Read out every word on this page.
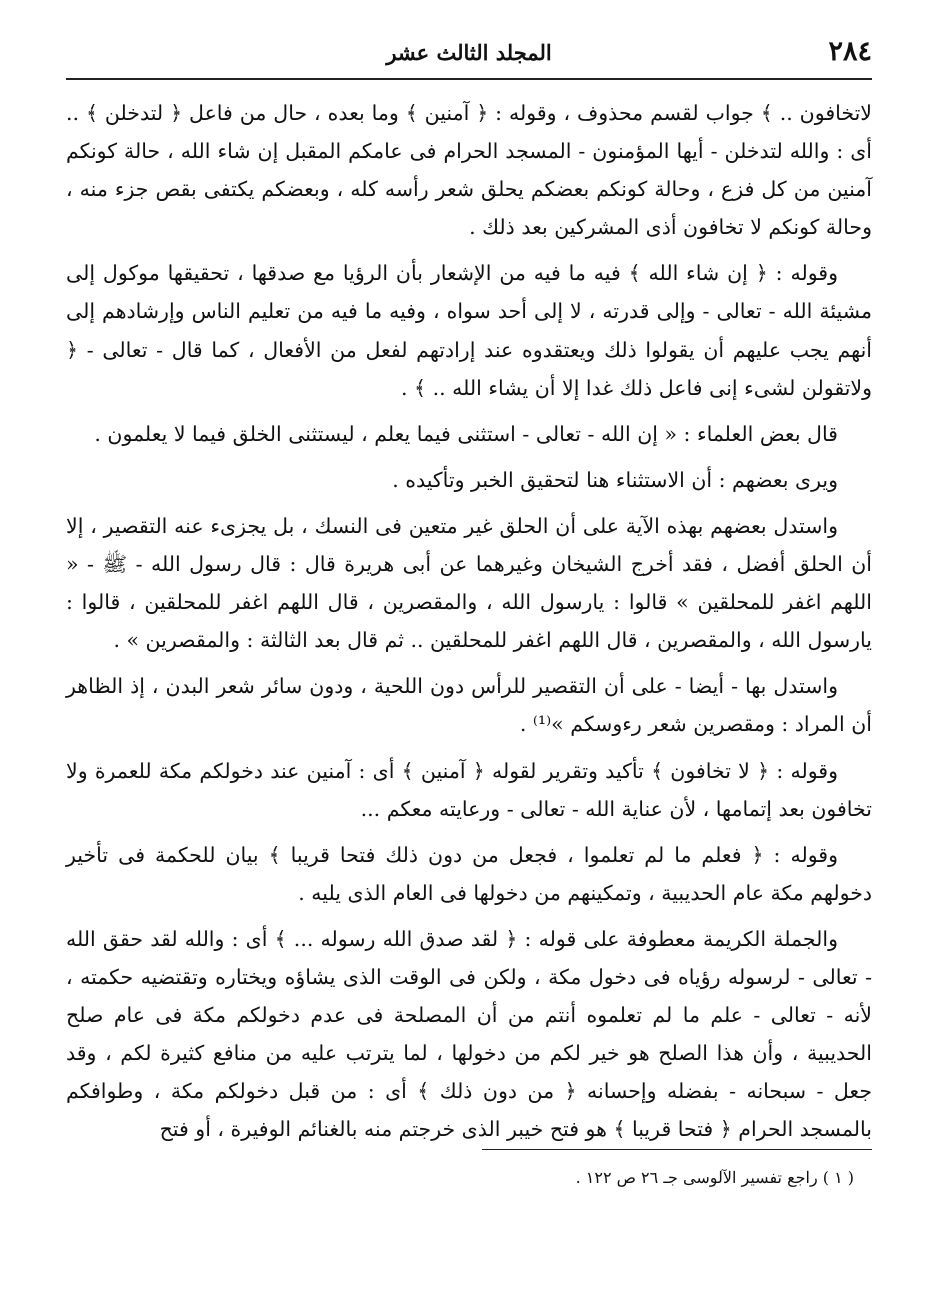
٢٨٤
المجلد الثالث عشر

لاتخافون .. ﴾ جواب لقسم محذوف ، وقوله : ﴿ آمنين ﴾ وما بعده ، حال من فاعل ﴿ لتدخلن ﴾ .. أى : والله لتدخلن - أيها المؤمنون - المسجد الحرام فى عامكم المقبل إن شاء الله ، حالة كونكم آمنين من كل فزع ، وحالة كونكم بعضكم يحلق شعر رأسه كله ، وبعضكم يكتفى بقص جزء منه ، وحالة كونكم لا تخافون أذى المشركين بعد ذلك .

وقوله : ﴿ إن شاء الله ﴾ فيه ما فيه من الإشعار بأن الرؤيا مع صدقها ، تحقيقها موكول إلى مشيئة الله - تعالى - وإلى قدرته ، لا إلى أحد سواه ، وفيه ما فيه من تعليم الناس وإرشادهم إلى أنهم يجب عليهم أن يقولوا ذلك ويعتقدوه عند إرادتهم لفعل من الأفعال ، كما قال - تعالى - ﴿ ولاتقولن لشىء إنى فاعل ذلك غدا إلا أن يشاء الله .. ﴾ .

قال بعض العلماء : « إن الله - تعالى - استثنى فيما يعلم ، ليستثنى الخلق فيما لا يعلمون .

ويرى بعضهم : أن الاستثناء هنا لتحقيق الخبر وتأكيده .

واستدل بعضهم بهذه الآية على أن الحلق غير متعين فى النسك ، بل يجزىء عنه التقصير ، إلا أن الحلق أفضل ، فقد أخرج الشيخان وغيرهما عن أبى هريرة قال : قال رسول الله - ﷺ - « اللهم اغفر للمحلقين » قالوا : يارسول الله ، والمقصرين ، قال اللهم اغفر للمحلقين ، قالوا : يارسول الله ، والمقصرين ، قال اللهم اغفر للمحلقين .. ثم قال بعد الثالثة : والمقصرين » .

واستدل بها - أيضا - على أن التقصير للرأس دون اللحية ، ودون سائر شعر البدن ، إذ الظاهر أن المراد : ومقصرين شعر رءوسكم »⁽¹⁾ .

وقوله : ﴿ لا تخافون ﴾ تأكيد وتقرير لقوله ﴿ آمنين ﴾ أى : آمنين عند دخولكم مكة للعمرة ولا تخافون بعد إتمامها ، لأن عناية الله - تعالى - ورعايته معكم ...

وقوله : ﴿ فعلم ما لم تعلموا ، فجعل من دون ذلك فتحا قريبا ﴾ بيان للحكمة فى تأخير دخولهم مكة عام الحديبية ، وتمكينهم من دخولها فى العام الذى يليه .

والجملة الكريمة معطوفة على قوله : ﴿ لقد صدق الله رسوله ... ﴾ أى : والله لقد حقق الله - تعالى - لرسوله رؤياه فى دخول مكة ، ولكن فى الوقت الذى يشاؤه ويختاره وتقتضيه حكمته ، لأنه - تعالى - علم ما لم تعلموه أنتم من أن المصلحة فى عدم دخولكم مكة فى عام صلح الحديبية ، وأن هذا الصلح هو خير لكم من دخولها ، لما يترتب عليه من منافع كثيرة لكم ، وقد جعل - سبحانه - بفضله وإحسانه ﴿ من دون ذلك ﴾ أى : من قبل دخولكم مكة ، وطوافكم بالمسجد الحرام ﴿ فتحا قريبا ﴾ هو فتح خيبر الذى خرجتم منه بالغنائم الوفيرة ، أو فتح

( ١ ) راجع تفسير الآلوسى جـ ٢٦ ص ١٢٢ .
